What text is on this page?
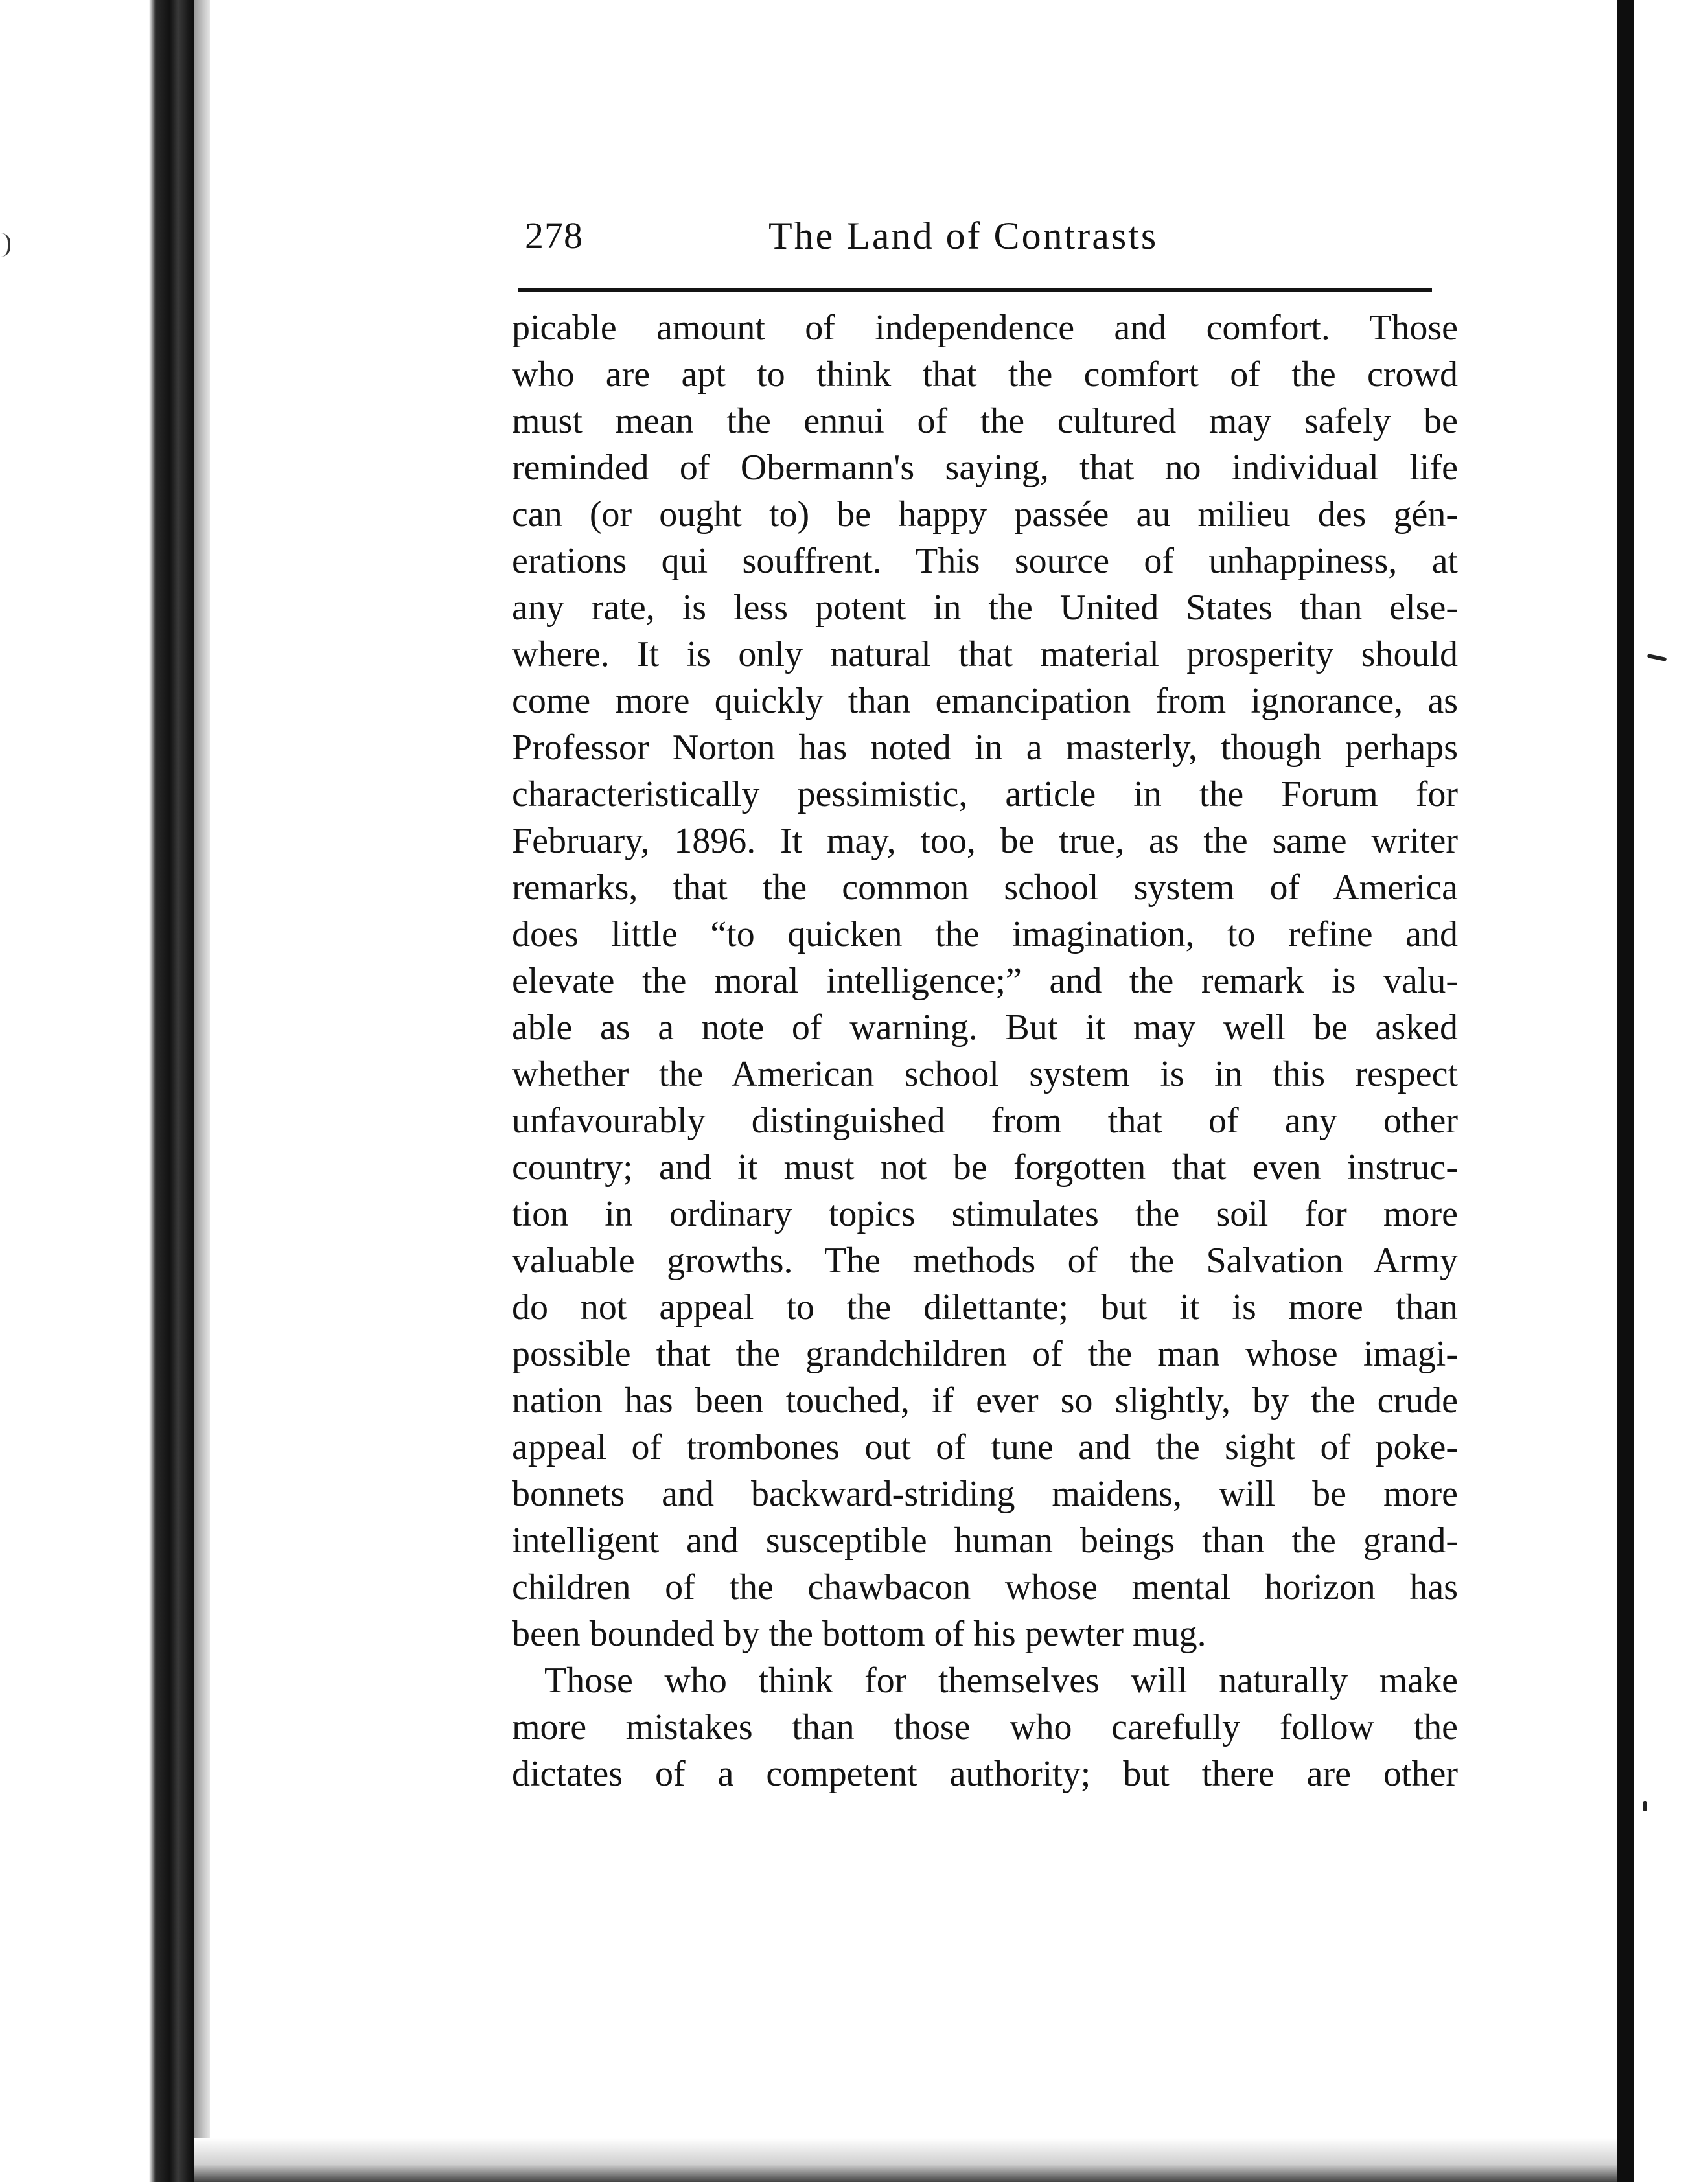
278	The Land of Contrasts
picable amount of independence and comfort. Those
who are apt to think that the comfort of the crowd
must mean the ennui of the cultured may safely be
reminded of Obermann's saying, that no individual life
can (or ought to) be happy passée au milieu des gén-
erations qui souffrent. This source of unhappiness, at
any rate, is less potent in the United States than else-
where. It is only natural that material prosperity should
come more quickly than emancipation from ignorance, as
Professor Norton has noted in a masterly, though perhaps
characteristically pessimistic, article in the Forum for
February, 1896. It may, too, be true, as the same writer
remarks, that the common school system of America
does little “to quicken the imagination, to refine and
elevate the moral intelligence;” and the remark is valu-
able as a note of warning. But it may well be asked
whether the American school system is in this respect
unfavourably distinguished from that of any other
country; and it must not be forgotten that even instruc-
tion in ordinary topics stimulates the soil for more
valuable growths. The methods of the Salvation Army
do not appeal to the dilettante; but it is more than
possible that the grandchildren of the man whose imagi-
nation has been touched, if ever so slightly, by the crude
appeal of trombones out of tune and the sight of poke-
bonnets and backward-striding maidens, will be more
intelligent and susceptible human beings than the grand-
children of the chawbacon whose mental horizon has
been bounded by the bottom of his pewter mug.
Those who think for themselves will naturally make
more mistakes than those who carefully follow the
dictates of a competent authority; but there are other
